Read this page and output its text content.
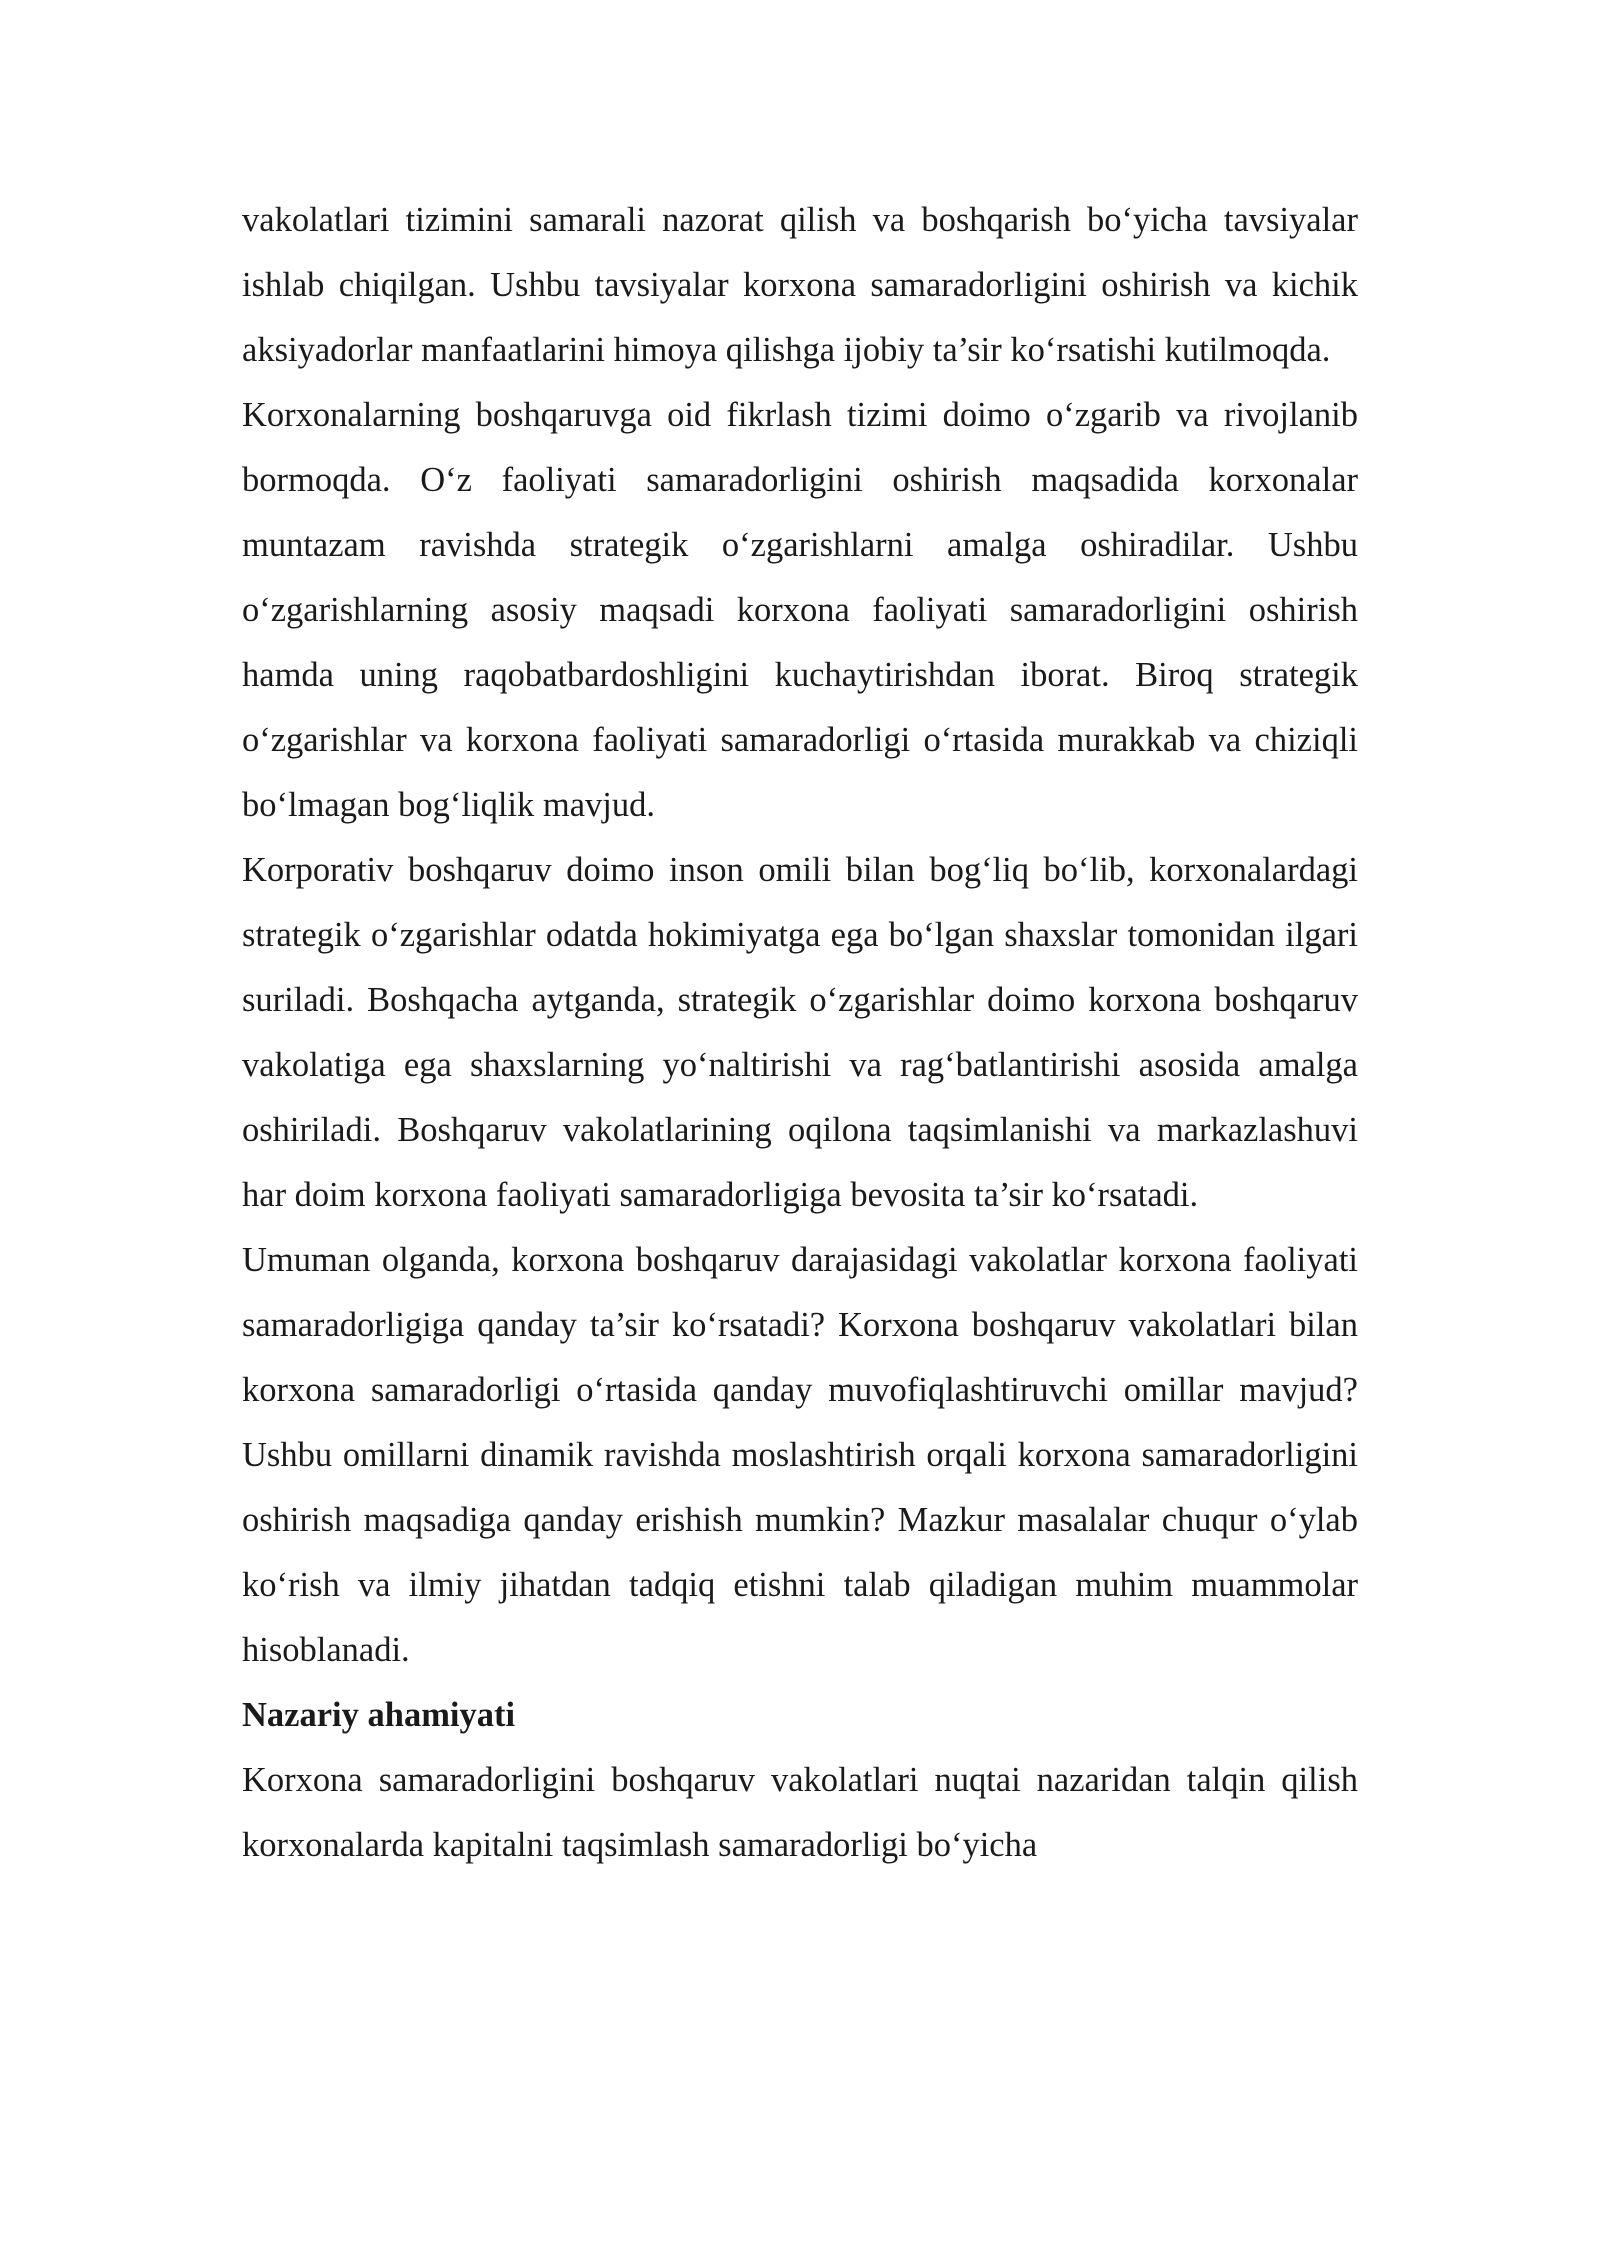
vakolatlari tizimini samarali nazorat qilish va boshqarish bo‘yicha tavsiyalar ishlab chiqilgan. Ushbu tavsiyalar korxona samaradorligini oshirish va kichik aksiyadorlar manfaatlarini himoya qilishga ijobiy ta’sir ko‘rsatishi kutilmoqda.

Korxonalarning boshqaruvga oid fikrlash tizimi doimo o‘zgarib va rivojlanib bormoqda. O‘z faoliyati samaradorligini oshirish maqsadida korxonalar muntazam ravishda strategik o‘zgarishlarni amalga oshiradilar. Ushbu o‘zgarishlarning asosiy maqsadi korxona faoliyati samaradorligini oshirish hamda uning raqobatbardoshligini kuchaytirishdan iborat. Biroq strategik o‘zgarishlar va korxona faoliyati samaradorligi o‘rtasida murakkab va chiziqli bo‘lmagan bog‘liqlik mavjud.

Korporativ boshqaruv doimo inson omili bilan bog‘liq bo‘lib, korxonalardagi strategik o‘zgarishlar odatda hokimiyatga ega bo‘lgan shaxslar tomonidan ilgari suriladi. Boshqacha aytganda, strategik o‘zgarishlar doimo korxona boshqaruv vakolatiga ega shaxslarning yo‘naltirishi va rag‘batlantirishi asosida amalga oshiriladi. Boshqaruv vakolatlarining oqilona taqsimlanishi va markazlashuvi har doim korxona faoliyati samaradorligiga bevosita ta’sir ko‘rsatadi.

Umuman olganda, korxona boshqaruv darajasidagi vakolatlar korxona faoliyati samaradorligiga qanday ta’sir ko‘rsatadi? Korxona boshqaruv vakolatlari bilan korxona samaradorligi o‘rtasida qanday muvofiqlashtiruvchi omillar mavjud? Ushbu omillarni dinamik ravishda moslashtirish orqali korxona samaradorligini oshirish maqsadiga qanday erishish mumkin? Mazkur masalalar chuqur o‘ylab ko‘rish va ilmiy jihatdan tadqiq etishni talab qiladigan muhim muammolar hisoblanadi.

Nazariy ahamiyati

Korxona samaradorligini boshqaruv vakolatlari nuqtai nazaridan talqin qilish korxonalarda kapitalni taqsimlash samaradorligi bo‘yicha
